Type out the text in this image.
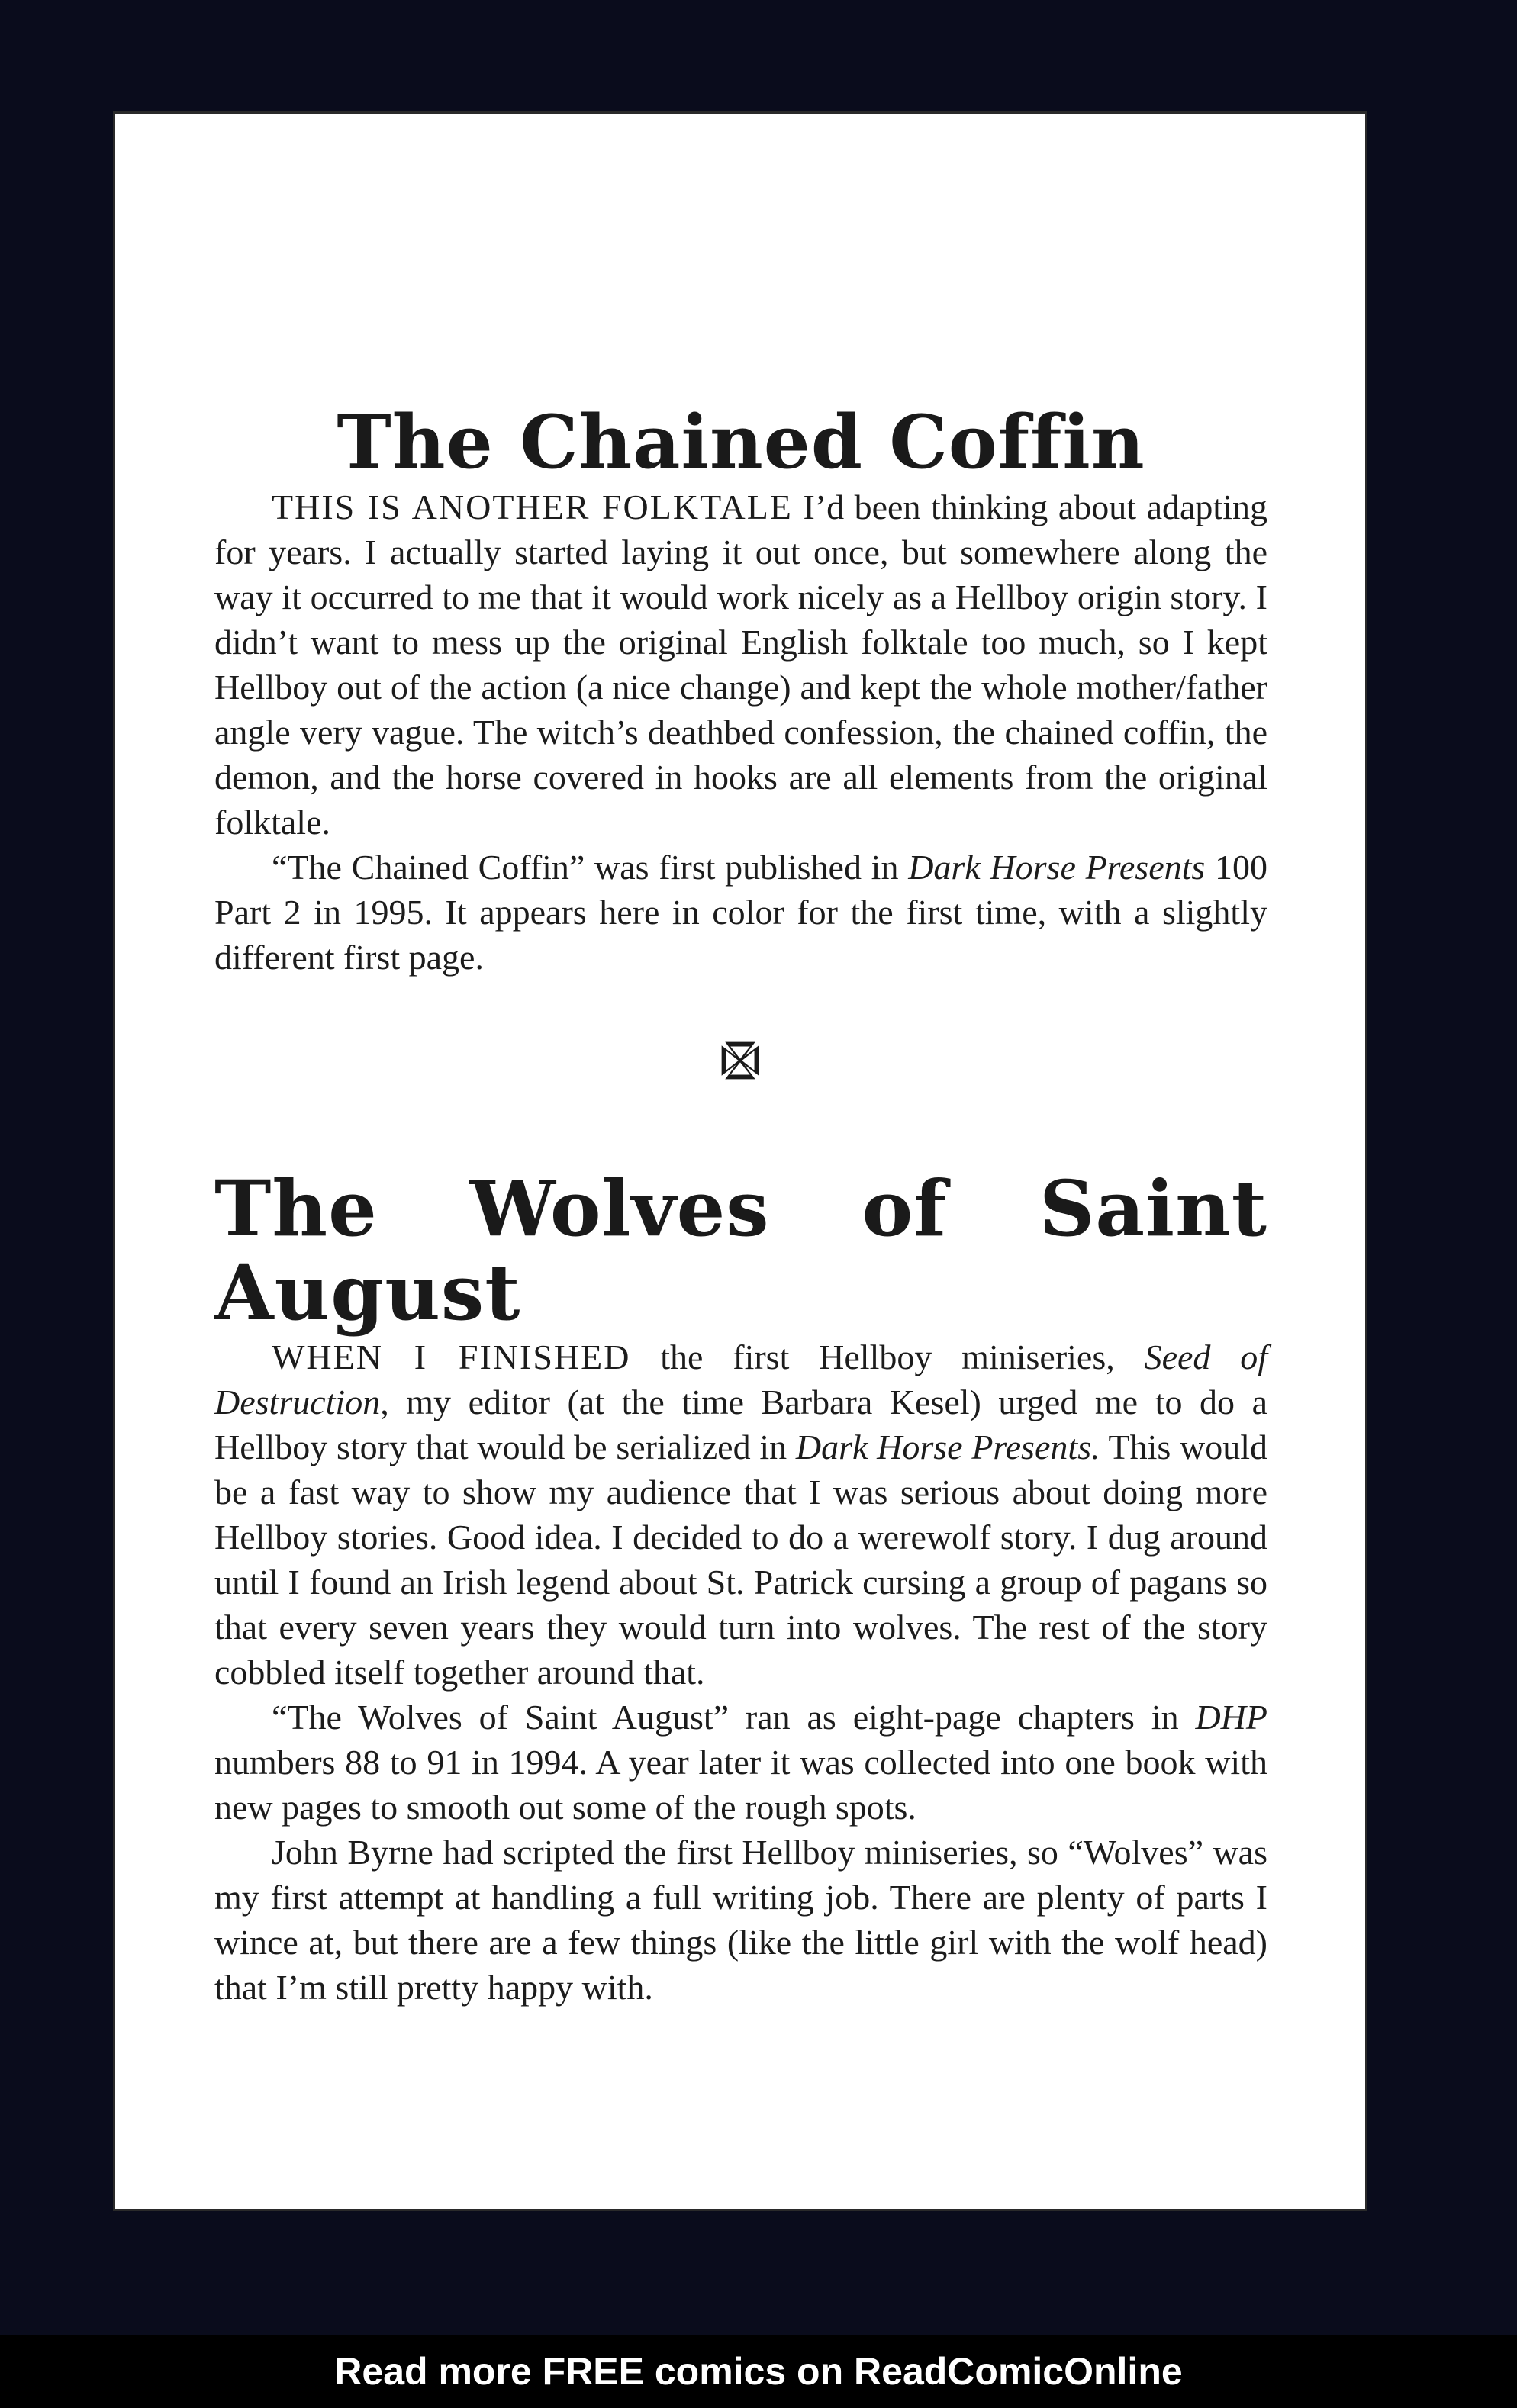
The Chained Coffin

THIS IS ANOTHER FOLKTALE I’d been thinking about adapting for years. I actually started laying it out once, but somewhere along the way it occurred to me that it would work nicely as a Hellboy origin story. I didn’t want to mess up the original English folktale too much, so I kept Hellboy out of the action (a nice change) and kept the whole mother/father angle very vague. The witch’s deathbed confession, the chained coffin, the demon, and the horse covered in hooks are all elements from the original folktale.

“The Chained Coffin” was first published in Dark Horse Presents 100 Part 2 in 1995. It appears here in color for the first time, with a slightly different first page.

The Wolves of Saint August

WHEN I FINISHED the first Hellboy miniseries, Seed of Destruction, my editor (at the time Barbara Kesel) urged me to do a Hellboy story that would be serialized in Dark Horse Presents. This would be a fast way to show my audience that I was serious about doing more Hellboy stories. Good idea. I decided to do a werewolf story. I dug around until I found an Irish legend about St. Patrick cursing a group of pagans so that every seven years they would turn into wolves. The rest of the story cobbled itself together around that.

“The Wolves of Saint August” ran as eight-page chapters in DHP numbers 88 to 91 in 1994. A year later it was collected into one book with new pages to smooth out some of the rough spots.

John Byrne had scripted the first Hellboy miniseries, so “Wolves” was my first attempt at handling a full writing job. There are plenty of parts I wince at, but there are a few things (like the little girl with the wolf head) that I’m still pretty happy with.

Read more FREE comics on ReadComicOnline
